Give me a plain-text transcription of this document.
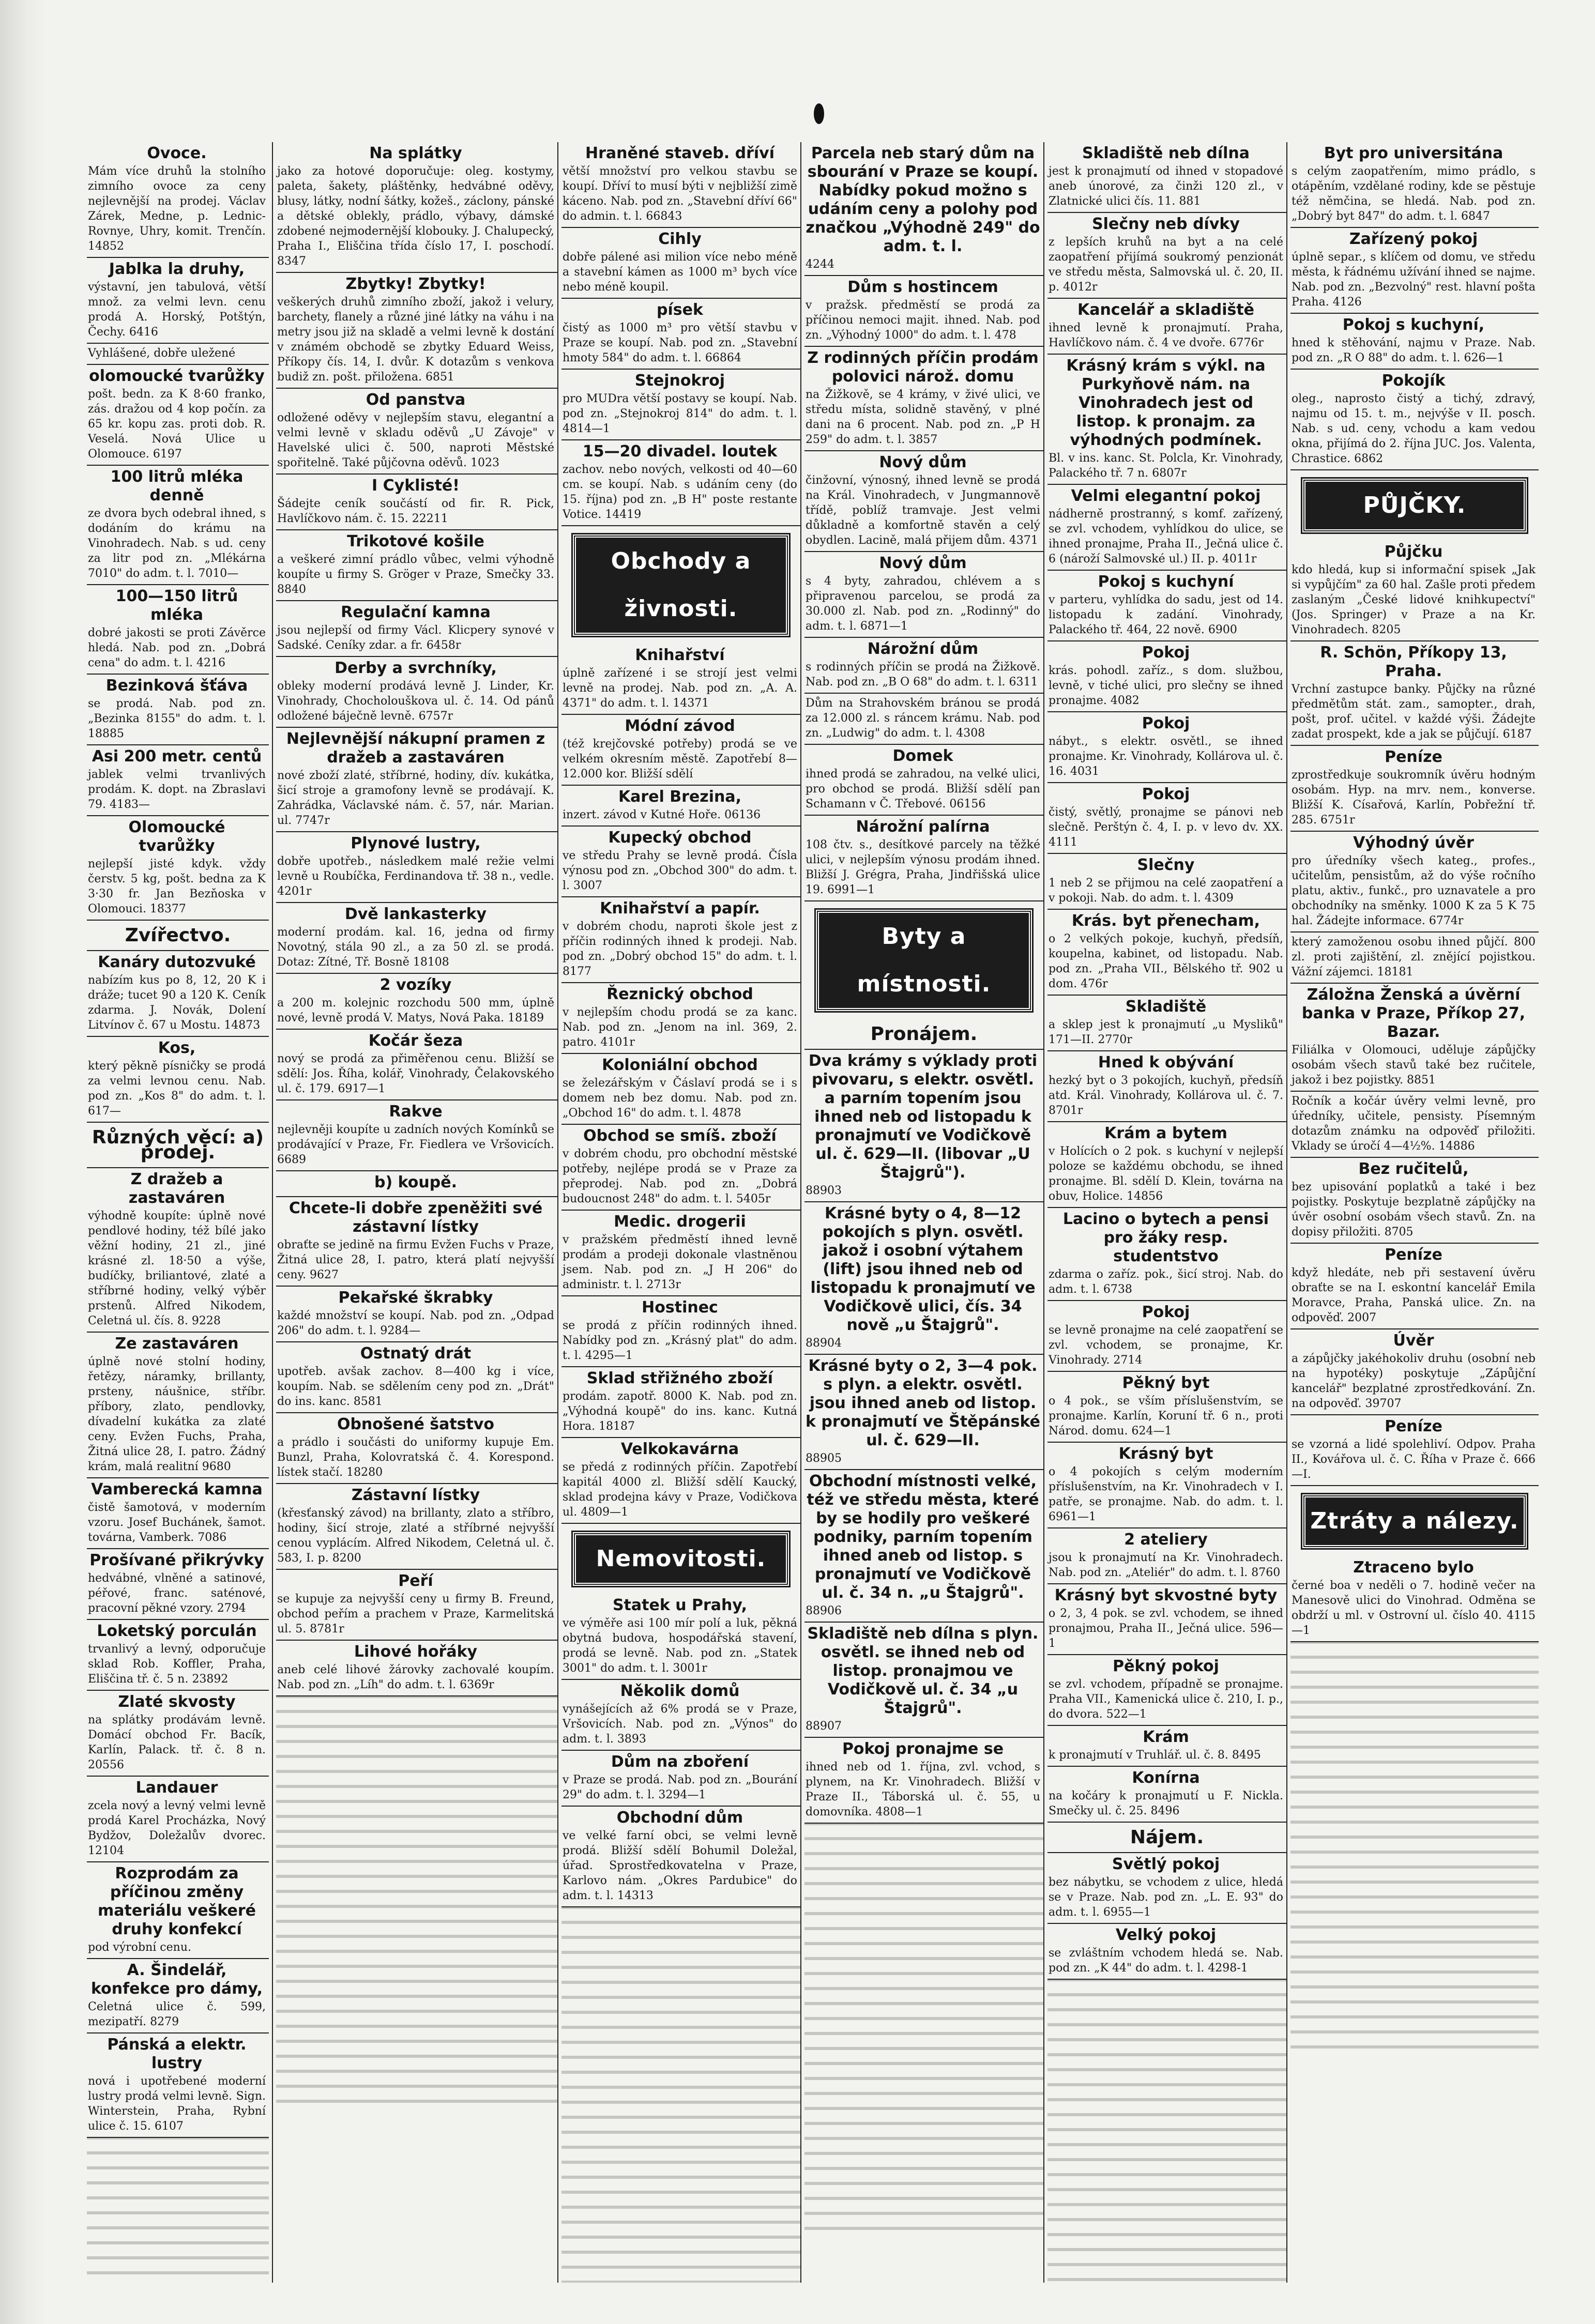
Ovoce.
Mám více druhů la stolního zimního ovoce za ceny nejlevnější na prodej. Václav Zárek, Medne, p. Lednic-Rovnye, Uhry, komit. Trenčín. 14852
Jablka la druhy,
výstavní, jen tabulová, větší množ. za velmi levn. cenu prodá A. Horský, Potštýn, Čechy. 6416
Vyhlášené, dobře uležené
olomoucké tvarůžky
pošt. bedn. za K 8·60 franko, zás. dražou od 4 kop počín. za 65 kr. kopu zas. proti dob. R. Veselá. Nová Ulice u Olomouce. 6197
100 litrů mléka denně
ze dvora bych odebral ihned, s dodáním do krámu na Vinohradech. Nab. s ud. ceny za litr pod zn. „Mlékárna 7010" do adm. t. l. 7010—
100—150 litrů mléka
dobré jakosti se proti Závěrce hledá. Nab. pod zn. „Dobrá cena" do adm. t. l. 4216
Bezinková šťáva
se prodá. Nab. pod zn. „Bezinka 8155" do adm. t. l. 18885
Asi 200 metr. centů
jablek velmi trvanlivých prodám. K. dopt. na Zbraslavi 79. 4183—
Olomoucké tvarůžky
nejlepší jisté kdyk. vždy čerstv. 5 kg, pošt. bedna za K 3·30 fr. Jan Bezňoska v Olomouci. 18377
Zvířectvo.
Kanáry dutozvuké
nabízím kus po 8, 12, 20 K i dráže; tucet 90 a 120 K. Ceník zdarma. J. Novák, Dolení Litvínov č. 67 u Mostu. 14873
Kos,
který pěkně písničky se prodá za velmi levnou cenu. Nab. pod zn. „Kos 8" do adm. t. l. 617—
Různých věcí: a) prodej.
Z dražeb a zastaváren
výhodně koupíte: úplně nové pendlové hodiny, též bílé jako věžní hodiny, 21 zl., jiné krásné zl. 18·50 a výše, budíčky, briliantové, zlaté a stříbrné hodiny, velký výběr prstenů. Alfred Nikodem, Celetná ul. čís. 8. 9228
Ze zastaváren
úplně nové stolní hodiny, řetězy, náramky, brillanty, prsteny, náušnice, stříbr. příbory, zlato, pendlovky, dívadelní kukátka za zlaté ceny. Evžen Fuchs, Praha, Žitná ulice 28, I. patro. Žádný krám, malá realitní 9680
Vamberecká kamna
čistě šamotová, v moderním vzoru. Josef Buchánek, šamot. továrna, Vamberk. 7086
Prošívané přikrývky
hedvábné, vlněné a satinové, péřové, franc. saténové, pracovní pěkné vzory. 2794
Loketský porculán
trvanlivý a levný, odporučuje sklad Rob. Koffler, Praha, Eliščina tř. č. 5 n. 23892
Zlaté skvosty
na splátky prodávám levně. Domácí obchod Fr. Bacík, Karlín, Palack. tř. č. 8 n. 20556
Landauer
zcela nový a levný velmi levně prodá Karel Procházka, Nový Bydžov, Doležalův dvorec. 12104
Rozprodám za příčinou změny materiálu veškeré druhy konfekcí
pod výrobní cenu.
A. Šindelář, konfekce pro dámy,
Celetná ulice č. 599, mezipatří. 8279
Pánská a elektr. lustry
nová i upotřebené moderní lustry prodá velmi levně. Sign. Winterstein, Praha, Rybní ulice č. 15. 6107
Na splátky
jako za hotové doporučuje: oleg. kostymy, paleta, šakety, pláštěnky, hedvábné oděvy, blusy, látky, nodní šátky, kožeš., záclony, pánské a dětské oblekly, prádlo, výbavy, dámské zdobené nejmodernější klobouky. J. Chalupecký, Praha I., Eliščina třída číslo 17, I. poschodí. 8347
Zbytky! Zbytky!
veškerých druhů zimního zboží, jakož i velury, barchety, flanely a různé jiné látky na váhu i na metry jsou již na skladě a velmi levně k dostání v známém obchodě se zbytky Eduard Weiss, Příkopy čís. 14, I. dvůr. K dotazům s venkova budiž zn. pošt. přiložena. 6851
Od panstva
odložené oděvy v nejlepším stavu, elegantní a velmi levně v skladu oděvů „U Závoje" v Havelské ulici č. 500, naproti Městské spořitelně. Také půjčovna oděvů. 1023
I Cyklisté!
Šádejte ceník součástí od fir. R. Pick, Havlíčkovo nám. č. 15. 22211
Trikotové košile
a veškeré zimní prádlo vůbec, velmi výhodně koupíte u firmy S. Gröger v Praze, Smečky 33. 8840
Regulační kamna
jsou nejlepší od firmy Václ. Klicpery synové v Sadské. Ceníky zdar. a fr. 6458r
Derby a svrchníky,
obleky moderní prodává levně J. Linder, Kr. Vinohrady, Chocholouškova ul. č. 14. Od pánů odložené báječně levně. 6757r
Nejlevnější nákupní pramen z dražeb a zastaváren
nové zboží zlaté, stříbrné, hodiny, dív. kukátka, šicí stroje a gramofony levně se prodávají. K. Zahrádka, Václavské nám. č. 57, nár. Marian. ul. 7747r
Plynové lustry,
dobře upotřeb., následkem malé režie velmi levně u Roubíčka, Ferdinandova tř. 38 n., vedle. 4201r
Dvě lankasterky
moderní prodám. kal. 16, jedna od firmy Novotný, stála 90 zl., a za 50 zl. se prodá. Dotaz: Zítné, Tř. Bosně 18108
2 vozíky
a 200 m. kolejnic rozchodu 500 mm, úplně nové, levně prodá V. Matys, Nová Paka. 18189
Kočár šeza
nový se prodá za přiměřenou cenu. Bližší se sdělí: Jos. Říha, kolář, Vinohrady, Čelakovského ul. č. 179. 6917—1
Rakve
nejlevněji koupíte u zadních nových Komínků se prodávající v Praze, Fr. Fiedlera ve Vršovicích. 6689
b) koupě.
Chcete-li dobře zpeněžiti své zástavní lístky
obraťte se jedině na firmu Evžen Fuchs v Praze, Žitná ulice 28, I. patro, která platí nejvyšší ceny. 9627
Pekařské škrabky
každé množství se koupí. Nab. pod zn. „Odpad 206" do adm. t. l. 9284—
Ostnatý drát
upotřeb. avšak zachov. 8—400 kg i více, koupím. Nab. se sdělením ceny pod zn. „Drát" do ins. kanc. 8581
Obnošené šatstvo
a prádlo i součásti do uniformy kupuje Em. Bunzl, Praha, Kolovratská č. 4. Korespond. lístek stačí. 18280
Zástavní lístky
(křesťanský závod) na brillanty, zlato a stříbro, hodiny, šicí stroje, zlaté a stříbrné nejvyšší cenou vyplácím. Alfred Nikodem, Celetná ul. č. 583, I. p. 8200
Peří
se kupuje za nejvyšší ceny u firmy B. Freund, obchod peřím a prachem v Praze, Karmelitská ul. 5. 8781r
Lihové hořáky
aneb celé lihové žárovky zachovalé koupím. Nab. pod zn. „Líh" do adm. t. l. 6369r
Hraněné staveb. dříví
větší množství pro velkou stavbu se koupí. Dříví to musí býti v nejbližší zimě káceno. Nab. pod zn. „Stavební dříví 66" do admin. t. l. 66843
Cihly
dobře pálené asi milion více nebo méně a stavební kámen as 1000 m³ bych více nebo méně koupil.
písek
čistý as 1000 m³ pro větší stavbu v Praze se koupí. Nab. pod zn. „Stavební hmoty 584" do adm. t. l. 66864
Stejnokroj
pro MUDra větší postavy se koupí. Nab. pod zn. „Stejnokroj 814" do adm. t. l. 4814—1
15—20 divadel. loutek
zachov. nebo nových, velkosti od 40—60 cm. se koupí. Nab. s udáním ceny (do 15. října) pod zn. „B H" poste restante Votice. 14419
Obchody a živnosti.
Knihařství
úplně zařízené i se strojí jest velmi levně na prodej. Nab. pod zn. „A. A. 4371" do adm. t. l. 14371
Módní závod
(též krejčovské potřeby) prodá se ve velkém okresním městě. Zapotřebí 8—12.000 kor. Bližší sdělí
Karel Brezina,
inzert. závod v Kutné Hoře. 06136
Kupecký obchod
ve středu Prahy se levně prodá. Čísla výnosu pod zn. „Obchod 300" do adm. t. l. 3007
Knihařství a papír.
v dobrém chodu, naproti škole jest z příčin rodinných ihned k prodeji. Nab. pod zn. „Dobrý obchod 15" do adm. t. l. 8177
Řeznický obchod
v nejlepším chodu prodá se za kanc. Nab. pod zn. „Jenom na inl. 369, 2. patro. 4101r
Koloniální obchod
se železářským v Čáslaví prodá se i s domem neb bez domu. Nab. pod zn. „Obchod 16" do adm. t. l. 4878
Obchod se smíš. zboží
v dobrém chodu, pro obchodní městské potřeby, nejlépe prodá se v Praze za přeprodej. Nab. pod zn. „Dobrá budoucnost 248" do adm. t. l. 5405r
Medic. drogerii
v pražském předměstí ihned levně prodám a prodeji dokonale vlastněnou jsem. Nab. pod zn. „J H 206" do administr. t. l. 2713r
Hostinec
se prodá z příčin rodinných ihned. Nabídky pod zn. „Krásný plat" do adm. t. l. 4295—1
Sklad střižného zboží
prodám. zapotř. 8000 K. Nab. pod zn. „Výhodná koupě" do ins. kanc. Kutná Hora. 18187
Velkokavárna
se předá z rodinných příčin. Zapotřebí kapitál 4000 zl. Bližší sdělí Kaucký, sklad prodejna kávy v Praze, Vodičkova ul. 4809—1
Nemovitosti.
Statek u Prahy,
ve výměře asi 100 mír polí a luk, pěkná obytná budova, hospodářská stavení, prodá se levně. Nab. pod zn. „Statek 3001" do adm. t. l. 3001r
Několik domů
vynášejících až 6% prodá se v Praze, Vršovicích. Nab. pod zn. „Výnos" do adm. t. l. 3893
Dům na zboření
v Praze se prodá. Nab. pod zn. „Bourání 29" do adm. t. l. 3294—1
Obchodní dům
ve velké farní obci, se velmi levně prodá. Bližší sdělí Bohumil Doležal, úřad. Sprostředkovatelna v Praze, Karlovo nám. „Okres Pardubice" do adm. t. l. 14313
Parcela neb starý dům na sbourání v Praze se koupí. Nabídky pokud možno s udáním ceny a polohy pod značkou „Výhodně 249" do adm. t. l.
4244
Dům s hostincem
v pražsk. předměstí se prodá za příčinou nemoci majit. ihned. Nab. pod zn. „Výhodný 1000" do adm. t. l. 478
Z rodinných příčin prodám polovici nárož. domu
na Žižkově, se 4 krámy, v živé ulici, ve středu místa, solidně stavěný, v plné dani na 6 procent. Nab. pod zn. „P H 259" do adm. t. l. 3857
Nový dům
činžovní, výnosný, ihned levně se prodá na Král. Vinohradech, v Jungmannově třídě, poblíž tramvaje. Jest velmi důkladně a komfortně stavěn a celý obydlen. Lacině, malá přijem dům. 4371
Nový dům
s 4 byty, zahradou, chlévem a s připravenou parcelou, se prodá za 30.000 zl. Nab. pod zn. „Rodinný" do adm. t. l. 6871—1
Nárožní dům
s rodinných příčin se prodá na Žižkově. Nab. pod zn. „B O 68" do adm. t. l. 6311
Dům na Strahovském bránou se prodá za 12.000 zl. s ráncem krámu. Nab. pod zn. „Ludwig" do adm. t. l. 4308
Domek
ihned prodá se zahradou, na velké ulici, pro obchod se prodá. Bližší sdělí pan Schamann v Č. Třebové. 06156
Nárožní palírna
108 čtv. s., desítkové parcely na těžké ulici, v nejlepším výnosu prodám ihned. Bližší J. Grégra, Praha, Jindřišská ulice 19. 6991—1
Byty a místnosti.
Pronájem.
Dva krámy s výklady proti pivovaru, s elektr. osvětl. a parním topením jsou ihned neb od listopadu k pronajmutí ve Vodičkově ul. č. 629—II. (libovar „U Štajgrů").
88903
Krásné byty o 4, 8—12 pokojích s plyn. osvětl. jakož i osobní výtahem (lift) jsou ihned neb od listopadu k pronajmutí ve Vodičkově ulici, čís. 34 nově „u Štajgrů".
88904
Krásné byty o 2, 3—4 pok. s plyn. a elektr. osvětl. jsou ihned aneb od listop. k pronajmutí ve Štěpánské ul. č. 629—II.
88905
Obchodní místnosti velké, též ve středu města, které by se hodily pro veškeré podniky, parním topením ihned aneb od listop. s pronajmutí ve Vodičkově ul. č. 34 n. „u Štajgrů".
88906
Skladiště neb dílna s plyn. osvětl. se ihned neb od listop. pronajmou ve Vodičkově ul. č. 34 „u Štajgrů".
88907
Pokoj pronajme se
ihned neb od 1. října, zvl. vchod, s plynem, na Kr. Vinohradech. Bližší v Praze II., Táborská ul. č. 55, u domovníka. 4808—1
Skladiště neb dílna
jest k pronajmutí od ihned v stopadové aneb únorové, za činži 120 zl., v Zlatnické ulici čís. 11. 881
Slečny neb dívky
z lepších kruhů na byt a na celé zaopatření přijímá soukromý penzionát ve středu města, Salmovská ul. č. 20, II. p. 4012r
Kancelář a skladiště
ihned levně k pronajmutí. Praha, Havlíčkovo nám. č. 4 ve dvoře. 6776r
Krásný krám s výkl. na Purkyňově nám. na Vinohradech jest od listop. k pronajm. za výhodných podmínek.
Bl. v ins. kanc. St. Polcla, Kr. Vinohrady, Palackého tř. 7 n. 6807r
Velmi elegantní pokoj
nádherně prostranný, s komf. zařízený, se zvl. vchodem, vyhlídkou do ulice, se ihned pronajme, Praha II., Ječná ulice č. 6 (nároží Salmovské ul.) II. p. 4011r
Pokoj s kuchyní
v parteru, vyhlídka do sadu, jest od 14. listopadu k zadání. Vinohrady, Palackého tř. 464, 22 nově. 6900
Pokoj
krás. pohodl. zaříz., s dom. službou, levně, v tiché ulici, pro slečny se ihned pronajme. 4082
Pokoj
nábyt., s elektr. osvětl., se ihned pronajme. Kr. Vinohrady, Kollárova ul. č. 16. 4031
Pokoj
čistý, světlý, pronajme se pánovi neb slečně. Perštýn č. 4, I. p. v levo dv. XX. 4111
Slečny
1 neb 2 se přijmou na celé zaopatření a v pokoji. Nab. do adm. t. l. 4309
Krás. byt přenecham,
o 2 velkých pokoje, kuchyň, předsíň, koupelna, kabinet, od listopadu. Nab. pod zn. „Praha VII., Bělského tř. 902 u dom. 476r
Skladiště
a sklep jest k pronajmutí „u Mysliků" 171—II. 2770r
Hned k obývání
hezký byt o 3 pokojích, kuchyň, předsíň atd. Král. Vinohrady, Kollárova ul. č. 7. 8701r
Krám a bytem
v Holících o 2 pok. s kuchyní v nejlepší poloze se každému obchodu, se ihned pronajme. Bl. sdělí D. Klein, továrna na obuv, Holice. 14856
Lacino o bytech a pensi pro žáky resp. studentstvo
zdarma o zaříz. pok., šicí stroj. Nab. do adm. t. l. 6738
Pokoj
se levně pronajme na celé zaopatření se zvl. vchodem, se pronajme, Kr. Vinohrady. 2714
Pěkný byt
o 4 pok., se vším příslušenstvím, se pronajme. Karlín, Koruní tř. 6 n., proti Národ. domu. 624—1
Krásný byt
o 4 pokojích s celým moderním příslušenstvím, na Kr. Vinohradech v I. patře, se pronajme. Nab. do adm. t. l. 6961—1
2 ateliery
jsou k pronajmutí na Kr. Vinohradech. Nab. pod zn. „Ateliér" do adm. t. l. 8760
Krásný byt skvostné byty
o 2, 3, 4 pok. se zvl. vchodem, se ihned pronajmou, Praha II., Ječná ulice. 596—1
Pěkný pokoj
se zvl. vchodem, případně se pronajme. Praha VII., Kamenická ulice č. 210, I. p., do dvora. 522—1
Krám
k pronajmutí v Truhlář. ul. č. 8. 8495
Konírna
na kočáry k pronajmutí u F. Nickla. Smečky ul. č. 25. 8496
Nájem.
Světlý pokoj
bez nábytku, se vchodem z ulice, hledá se v Praze. Nab. pod zn. „L. E. 93" do adm. t. l. 6955—1
Velký pokoj
se zvláštním vchodem hledá se. Nab. pod zn. „K 44" do adm. t. l. 4298-1
Byt pro universitána
s celým zaopatřením, mimo prádlo, s otápěním, vzdělané rodiny, kde se pěstuje též němčina, se hledá. Nab. pod zn. „Dobrý byt 847" do adm. t. l. 6847
Zařízený pokoj
úplně separ., s klíčem od domu, ve středu města, k řádnému užívání ihned se najme. Nab. pod zn. „Bezvolný" rest. hlavní pošta Praha. 4126
Pokoj s kuchyní,
hned k stěhování, najmu v Praze. Nab. pod zn. „R O 88" do adm. t. l. 626—1
Pokojík
oleg., naprosto čistý a tichý, zdravý, najmu od 15. t. m., nejvýše v II. posch. Nab. s ud. ceny, vchodu a kam vedou okna, přijímá do 2. října JUC. Jos. Valenta, Chrastice. 6862
PŮJČKY.
Půjčku
kdo hledá, kup si informační spisek „Jak si vypůjčím" za 60 hal. Zašle proti předem zaslaným „České lidové knihkupectví" (Jos. Springer) v Praze a na Kr. Vinohradech. 8205
R. Schön, Příkopy 13, Praha.
Vrchní zastupce banky. Půjčky na různé předmětům stát. zam., samopter., drah, pošt, prof. učitel. v každé výši. Žádejte zadat prospekt, kde a jak se půjčují. 6187
Peníze
zprostředkuje soukromník úvěru hodným osobám. Hyp. na mrv. nem., konverse. Bližší K. Císařová, Karlín, Pobřežní tř. 285. 6751r
Výhodný úvěr
pro úředníky všech kateg., profes., učitelům, pensistům, až do výše ročního platu, aktiv., funkč., pro uznavatele a pro obchodníky na směnky. 1000 K za 5 K 75 hal. Žádejte informace. 6774r
který zamoženou osobu ihned půjčí. 800 zl. proti zajištění, zl. znějící pojistkou. Vážní zájemci. 18181
Záložna Ženská a úvěrní banka v Praze, Příkop 27, Bazar.
Filiálka v Olomouci, uděluje zápůjčky osobám všech stavů také bez ručitele, jakož i bez pojistky. 8851
Ročník a kočár úvěry velmi levně, pro úředníky, učitele, pensisty. Písemným dotazům známku na odpověď přiložiti. Vklady se úročí 4—4½%. 14886
Bez ručitelů,
bez upisování poplatků a také i bez pojistky. Poskytuje bezplatně zápůjčky na úvěr osobní osobám všech stavů. Zn. na dopisy přiložiti. 8705
Peníze
když hledáte, neb při sestavení úvěru obraťte se na I. eskontní kancelář Emila Moravce, Praha, Panská ulice. Zn. na odpověď. 2007
Úvěr
a zápůjčky jakéhokoliv druhu (osobní neb na hypotéky) poskytuje „Zápůjční kancelář" bezplatné zprostředkování. Zn. na odpověď. 39707
Peníze
se vzorná a lidé spolehliví. Odpov. Praha II., Kovářova ul. č. C. Říha v Praze č. 666—I.
Ztráty a nálezy.
Ztraceno bylo
černé boa v neděli o 7. hodině večer na Manesově ulici do Vinohrad. Odměna se obdrží u ml. v Ostrovní ul. číslo 40. 4115—1
